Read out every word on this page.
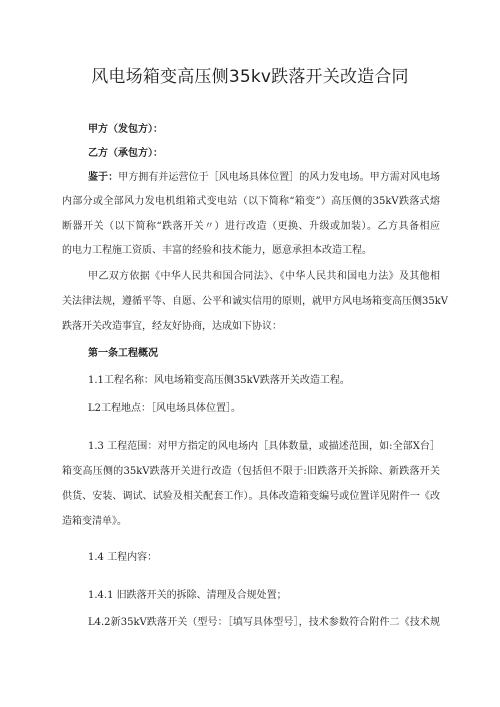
风电场箱变高压侧35kv跌落开关改造合同
甲方（发包方）：
乙方（承包方）：
鉴于：甲方拥有并运营位于［风电场具体位置］的风力发电场。甲方需对风电场
内部分或全部风力发电机组箱式变电站（以下简称“箱变”）高压侧的35kV跌落式熔
断器开关（以下简称“跌落开关〃）进行改造（更换、升级或加装）。乙方具备相应
的电力工程施工资质、丰富的经验和技术能力，愿意承担本改造工程。
甲乙双方依据《中华人民共和国合同法》、《中华人民共和国电力法》及其他相
关法律法规，遵循平等、自愿、公平和诚实信用的原则，就甲方风电场箱变高压侧35kV
跌落开关改造事宜，经友好协商，达成如下协议：
第一条工程概况
1.1工程名称：风电场箱变高压侧35kV跌落开关改造工程。
L2工程地点：［风电场具体位置］。
1.3 工程范围：对甲方指定的风电场内［具体数量，或描述范围，如:全部X台］
箱变高压侧的35kV跌落开关进行改造（包括但不限于:旧跌落开关拆除、新跌落开关
供货、安装、调试、试验及相关配套工作）。具体改造箱变编号或位置详见附件一《改
造箱变清单》。
1.4 工程内容：
1.4.1 旧跌落开关的拆除、清理及合规处置；
L4.2新35kV跌落开关（型号：［填写具体型号］，技术参数符合附件二《技术规
